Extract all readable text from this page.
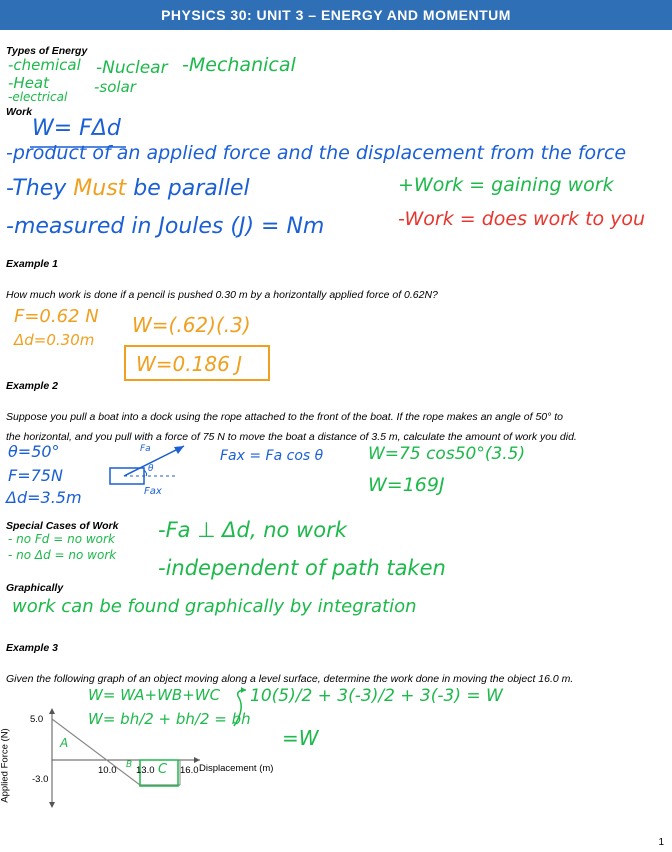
PHYSICS 30: UNIT 3 – ENERGY AND MOMENTUM
Types of Energy
-chemical -Nuclear -Mechanical
-Heat	-solar
-electrical
Work
W= FΔd
-product of an applied force and the displacement from the force
-They Must be parallel
-measured in Joules (J) = Nm
+Work = gaining work
-Work = does work to you
Example 1
How much work is done if a pencil is pushed 0.30 m by a horizontally applied force of 0.62N?
F=0.62 N
Δd=0.30m
W=(.62)(.3)
W=0.186 J
Example 2
Suppose you pull a boat into a dock using the rope attached to the front of the boat. If the rope makes an angle of 50° to
the horizontal, and you pull with a force of 75 N to move the boat a distance of 3.5 m, calculate the amount of work you did.
θ=50°
F=75N
Δd=3.5m
Fa
θ
Fax
Fax = Fa cos θ	W=75 cos50°(3.5)
W=169J
Special Cases of Work
- no Fd = no work
- no Δd = no work
-Fa ⊥ Δd, no work
-independent of path taken
Graphically
work can be found graphically by integration
Example 3
Given the following graph of an object moving along a level surface, determine the work done in moving the object 16.0 m.
W= WA+WB+WC
W= bh/2 + bh/2 = bh
10(5)/2 + 3(-3)/2 + 3(-3) = W
=W
5.0
-3.0
10.0 13.0	16.0 Displacement (m)
Applied Force (N)	A
B C
1
